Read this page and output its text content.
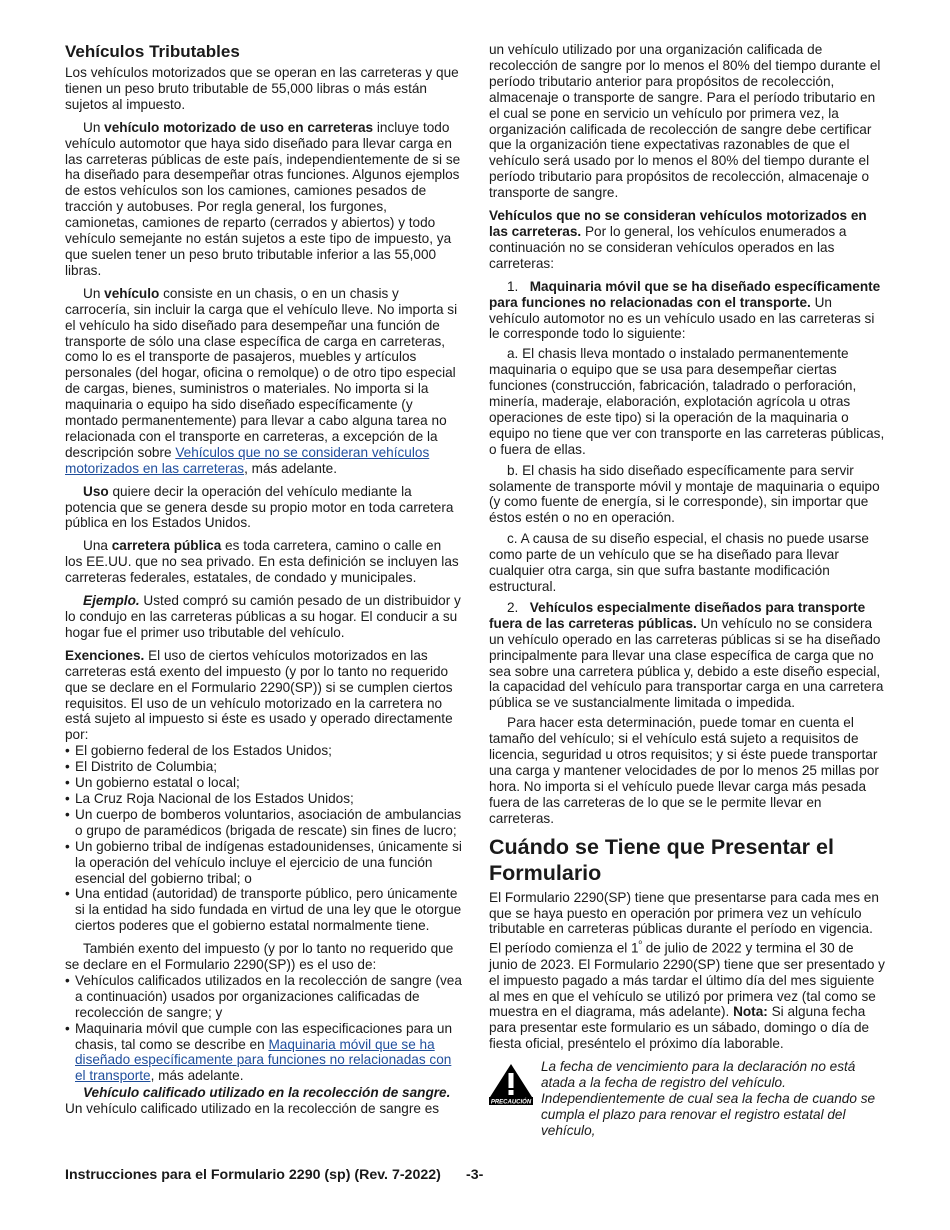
Vehículos Tributables

Los vehículos motorizados que se operan en las carreteras y que tienen un peso bruto tributable de 55,000 libras o más están sujetos al impuesto.

Un vehículo motorizado de uso en carreteras incluye todo vehículo automotor que haya sido diseñado para llevar carga en las carreteras públicas de este país, independientemente de si se ha diseñado para desempeñar otras funciones. Algunos ejemplos de estos vehículos son los camiones, camiones pesados de tracción y autobuses. Por regla general, los furgones, camionetas, camiones de reparto (cerrados y abiertos) y todo vehículo semejante no están sujetos a este tipo de impuesto, ya que suelen tener un peso bruto tributable inferior a las 55,000 libras.

Un vehículo consiste en un chasis, o en un chasis y carrocería, sin incluir la carga que el vehículo lleve. No importa si el vehículo ha sido diseñado para desempeñar una función de transporte de sólo una clase específica de carga en carreteras, como lo es el transporte de pasajeros, muebles y artículos personales (del hogar, oficina o remolque) o de otro tipo especial de cargas, bienes, suministros o materiales. No importa si la maquinaria o equipo ha sido diseñado específicamente (y montado permanentemente) para llevar a cabo alguna tarea no relacionada con el transporte en carreteras, a excepción de la descripción sobre Vehículos que no se consideran vehículos motorizados en las carreteras, más adelante.

Uso quiere decir la operación del vehículo mediante la potencia que se genera desde su propio motor en toda carretera pública en los Estados Unidos.

Una carretera pública es toda carretera, camino o calle en los EE.UU. que no sea privado. En esta definición se incluyen las carreteras federales, estatales, de condado y municipales.

Ejemplo. Usted compró su camión pesado de un distribuidor y lo condujo en las carreteras públicas a su hogar. El conducir a su hogar fue el primer uso tributable del vehículo.

Exenciones. El uso de ciertos vehículos motorizados en las carreteras está exento del impuesto (y por lo tanto no requerido que se declare en el Formulario 2290(SP)) si se cumplen ciertos requisitos. El uso de un vehículo motorizado en la carretera no está sujeto al impuesto si éste es usado y operado directamente por:

• El gobierno federal de los Estados Unidos;
• El Distrito de Columbia;
• Un gobierno estatal o local;
• La Cruz Roja Nacional de los Estados Unidos;
• Un cuerpo de bomberos voluntarios, asociación de ambulancias o grupo de paramédicos (brigada de rescate) sin fines de lucro;
• Un gobierno tribal de indígenas estadounidenses, únicamente si la operación del vehículo incluye el ejercicio de una función esencial del gobierno tribal; o
• Una entidad (autoridad) de transporte público, pero únicamente si la entidad ha sido fundada en virtud de una ley que le otorgue ciertos poderes que el gobierno estatal normalmente tiene.

También exento del impuesto (y por lo tanto no requerido que se declare en el Formulario 2290(SP)) es el uso de:

• Vehículos calificados utilizados en la recolección de sangre (vea a continuación) usados por organizaciones calificadas de recolección de sangre; y
• Maquinaria móvil que cumple con las especificaciones para un chasis, tal como se describe en Maquinaria móvil que se ha diseñado específicamente para funciones no relacionadas con el transporte, más adelante.

Vehículo calificado utilizado en la recolección de sangre. Un vehículo calificado utilizado en la recolección de sangre es

un vehículo utilizado por una organización calificada de recolección de sangre por lo menos el 80% del tiempo durante el período tributario anterior para propósitos de recolección, almacenaje o transporte de sangre. Para el período tributario en el cual se pone en servicio un vehículo por primera vez, la organización calificada de recolección de sangre debe certificar que la organización tiene expectativas razonables de que el vehículo será usado por lo menos el 80% del tiempo durante el período tributario para propósitos de recolección, almacenaje o transporte de sangre.

Vehículos que no se consideran vehículos motorizados en las carreteras. Por lo general, los vehículos enumerados a continuación no se consideran vehículos operados en las carreteras:

1. Maquinaria móvil que se ha diseñado específicamente para funciones no relacionadas con el transporte. Un vehículo automotor no es un vehículo usado en las carreteras si le corresponde todo lo siguiente:

a. El chasis lleva montado o instalado permanentemente maquinaria o equipo que se usa para desempeñar ciertas funciones (construcción, fabricación, taladrado o perforación, minería, maderaje, elaboración, explotación agrícola u otras operaciones de este tipo) si la operación de la maquinaria o equipo no tiene que ver con transporte en las carreteras públicas, o fuera de ellas.

b. El chasis ha sido diseñado específicamente para servir solamente de transporte móvil y montaje de maquinaria o equipo (y como fuente de energía, si le corresponde), sin importar que éstos estén o no en operación.

c. A causa de su diseño especial, el chasis no puede usarse como parte de un vehículo que se ha diseñado para llevar cualquier otra carga, sin que sufra bastante modificación estructural.

2. Vehículos especialmente diseñados para transporte fuera de las carreteras públicas. Un vehículo no se considera un vehículo operado en las carreteras públicas si se ha diseñado principalmente para llevar una clase específica de carga que no sea sobre una carretera pública y, debido a este diseño especial, la capacidad del vehículo para transportar carga en una carretera pública se ve sustancialmente limitada o impedida.

Para hacer esta determinación, puede tomar en cuenta el tamaño del vehículo; si el vehículo está sujeto a requisitos de licencia, seguridad u otros requisitos; y si éste puede transportar una carga y mantener velocidades de por lo menos 25 millas por hora. No importa si el vehículo puede llevar carga más pesada fuera de las carreteras de lo que se le permite llevar en carreteras.

Cuándo se Tiene que Presentar el Formulario

El Formulario 2290(SP) tiene que presentarse para cada mes en que se haya puesto en operación por primera vez un vehículo tributable en carreteras públicas durante el período en vigencia. El período comienza el $1^º$ de julio de 2022 y termina el 30 de junio de 2023. El Formulario 2290(SP) tiene que ser presentado y el impuesto pagado a más tardar el último día del mes siguiente al mes en que el vehículo se utilizó por primera vez (tal como se muestra en el diagrama, más adelante). Nota: Si alguna fecha para presentar este formulario es un sábado, domingo o día de fiesta oficial, preséntelo el próximo día laborable.

PRECAUCIÓN
La fecha de vencimiento para la declaración no está atada a la fecha de registro del vehículo. Independientemente de cual sea la fecha de cuando se cumpla el plazo para renovar el registro estatal del vehículo,
Instrucciones para el Formulario 2290 (sp) (Rev. 7-2022) -3-
